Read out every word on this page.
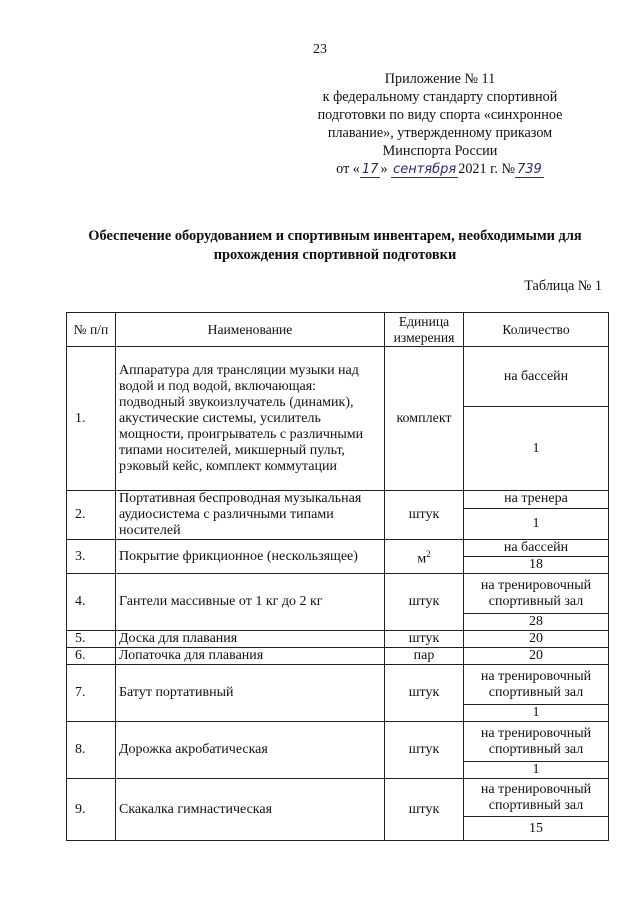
23
Приложение № 11
к федеральному стандарту спортивной
подготовки по виду спорта «синхронное
плавание», утвержденному приказом
Минспорта России
от « 17 » сентября 2021 г. № 739
Обеспечение оборудованием и спортивным инвентарем, необходимыми для
прохождения спортивной подготовки
Таблица № 1
№ п/п	Наименование	Единица измерения	Количество
1.	Аппаратура для трансляции музыки над водой и под водой, включающая: подводный звукоизлучатель (динамик), акустические системы, усилитель мощности, проигрыватель с различными типами носителей, микшерный пульт, рэковый кейс, комплект коммутации	комплект	на бассейн
			1
2.	Портативная беспроводная музыкальная аудиосистема с различными типами носителей	штук	на тренера
			1
3.	Покрытие фрикционное (нескользящее)	$м^2$	на бассейн
			18
4.	Гантели массивные от 1 кг до 2 кг	штук	на тренировочный спортивный зал
			28
5.	Доска для плавания	штук	20
6.	Лопаточка для плавания	пар	20
7.	Батут портативный	штук	на тренировочный спортивный зал
			1
8.	Дорожка акробатическая	штук	на тренировочный спортивный зал
			1
9.	Скакалка гимнастическая	штук	на тренировочный спортивный зал
			15
